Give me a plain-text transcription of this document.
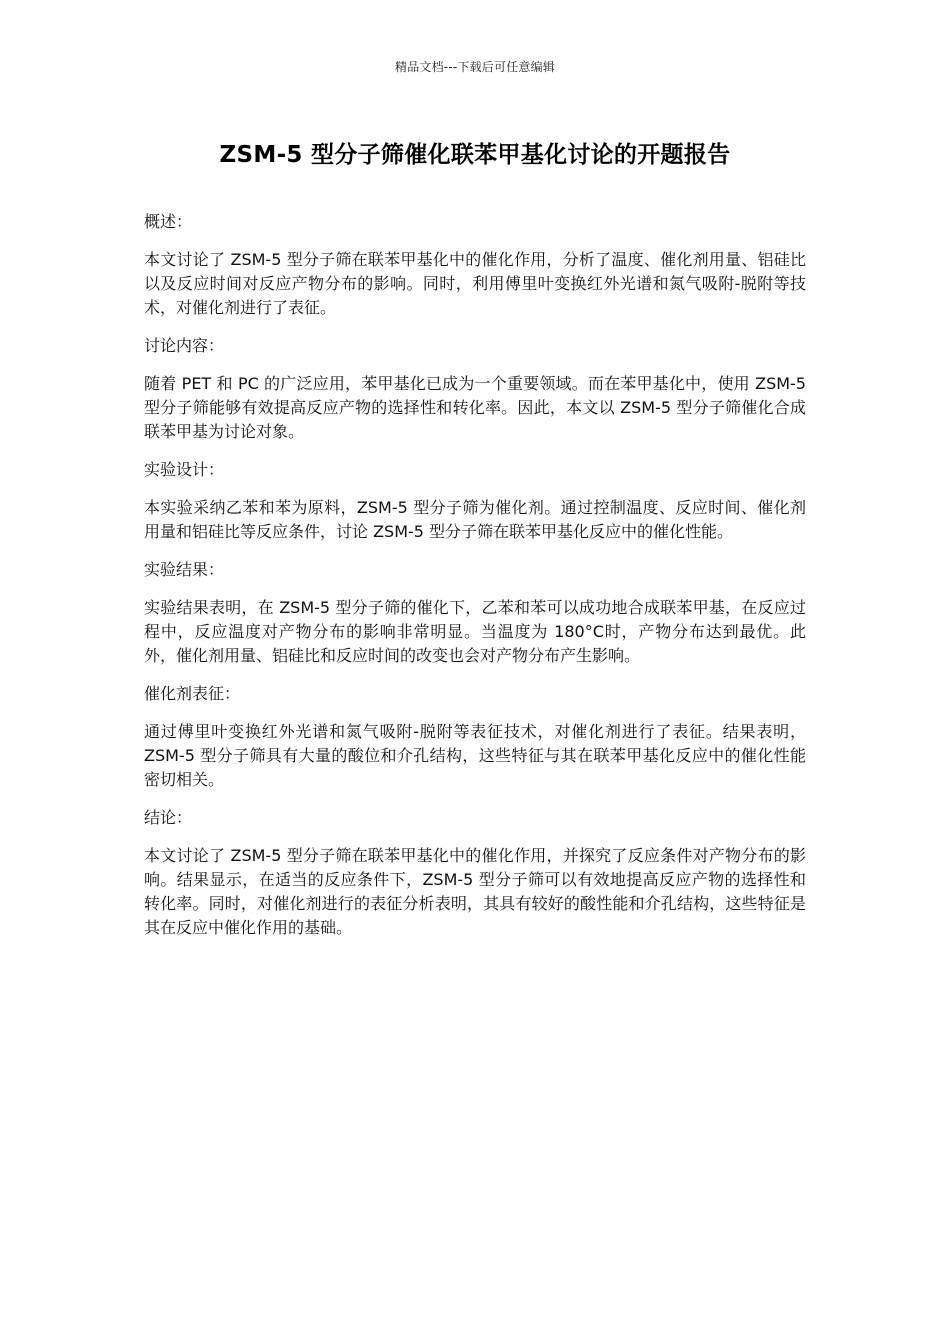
精品文档---下载后可任意编辑
ZSM-5 型分子筛催化联苯甲基化讨论的开题报告
概述：
本文讨论了 ZSM-5 型分子筛在联苯甲基化中的催化作用，分析了温度、催化剂用量、铝硅比以及反应时间对反应产物分布的影响。同时，利用傅里叶变换红外光谱和氮气吸附-脱附等技术，对催化剂进行了表征。
讨论内容：
随着 PET 和 PC 的广泛应用，苯甲基化已成为一个重要领域。而在苯甲基化中，使用 ZSM-5 型分子筛能够有效提高反应产物的选择性和转化率。因此，本文以 ZSM-5 型分子筛催化合成联苯甲基为讨论对象。
实验设计：
本实验采纳乙苯和苯为原料，ZSM-5 型分子筛为催化剂。通过控制温度、反应时间、催化剂用量和铝硅比等反应条件，讨论 ZSM-5 型分子筛在联苯甲基化反应中的催化性能。
实验结果：
实验结果表明，在 ZSM-5 型分子筛的催化下，乙苯和苯可以成功地合成联苯甲基，在反应过程中，反应温度对产物分布的影响非常明显。当温度为 180°C时，产物分布达到最优。此外，催化剂用量、铝硅比和反应时间的改变也会对产物分布产生影响。
催化剂表征：
通过傅里叶变换红外光谱和氮气吸附-脱附等表征技术，对催化剂进行了表征。结果表明，ZSM-5 型分子筛具有大量的酸位和介孔结构，这些特征与其在联苯甲基化反应中的催化性能密切相关。
结论：
本文讨论了 ZSM-5 型分子筛在联苯甲基化中的催化作用，并探究了反应条件对产物分布的影响。结果显示，在适当的反应条件下，ZSM-5 型分子筛可以有效地提高反应产物的选择性和转化率。同时，对催化剂进行的表征分析表明，其具有较好的酸性能和介孔结构，这些特征是其在反应中催化作用的基础。
